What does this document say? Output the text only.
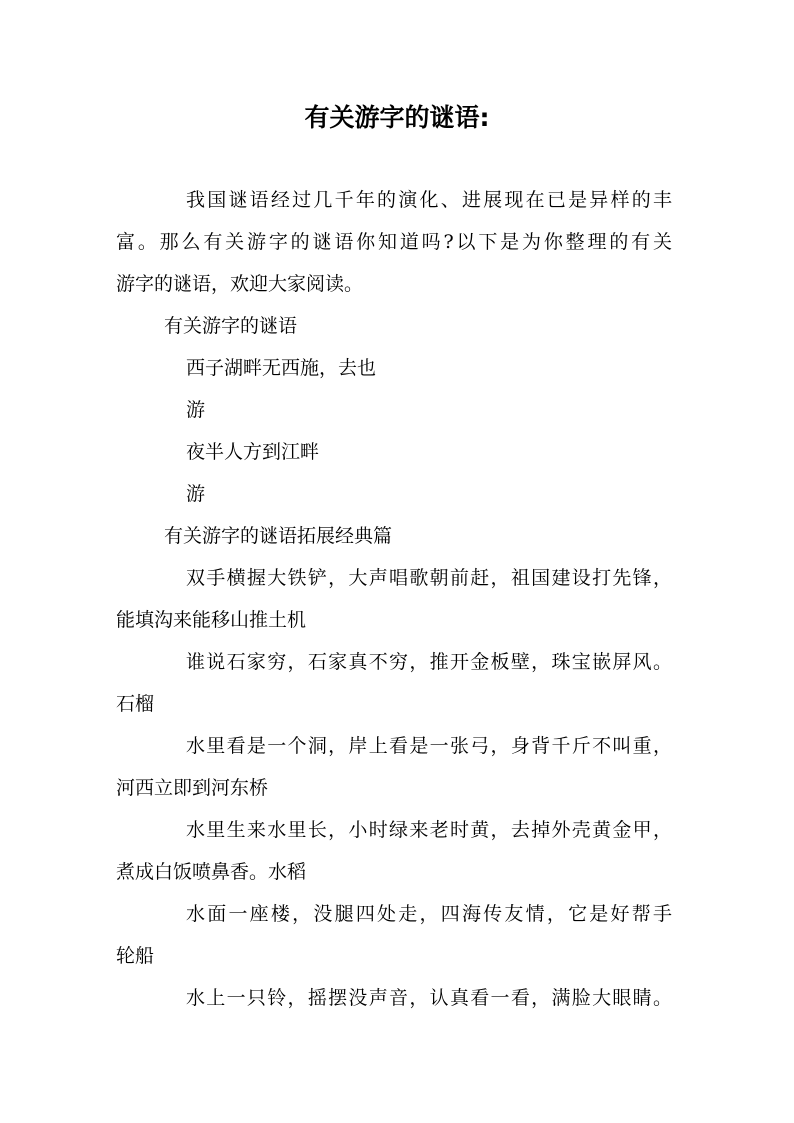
有关游字的谜语:

我国谜语经过几千年的演化、进展现在已是异样的丰

富。那么有关游字的谜语你知道吗?以下是为你整理的有关

游字的谜语，欢迎大家阅读。

有关游字的谜语

西子湖畔无西施，去也

游

夜半人方到江畔

游

有关游字的谜语拓展经典篇

双手横握大铁铲，大声唱歌朝前赶，祖国建设打先锋，

能填沟来能移山推土机

谁说石家穷，石家真不穷，推开金板壁，珠宝嵌屏风。

石榴

水里看是一个洞，岸上看是一张弓，身背千斤不叫重，

河西立即到河东桥

水里生来水里长，小时绿来老时黄，去掉外壳黄金甲，

煮成白饭喷鼻香。水稻

水面一座楼，没腿四处走，四海传友情，它是好帮手

轮船

水上一只铃，摇摆没声音，认真看一看，满脸大眼睛。
